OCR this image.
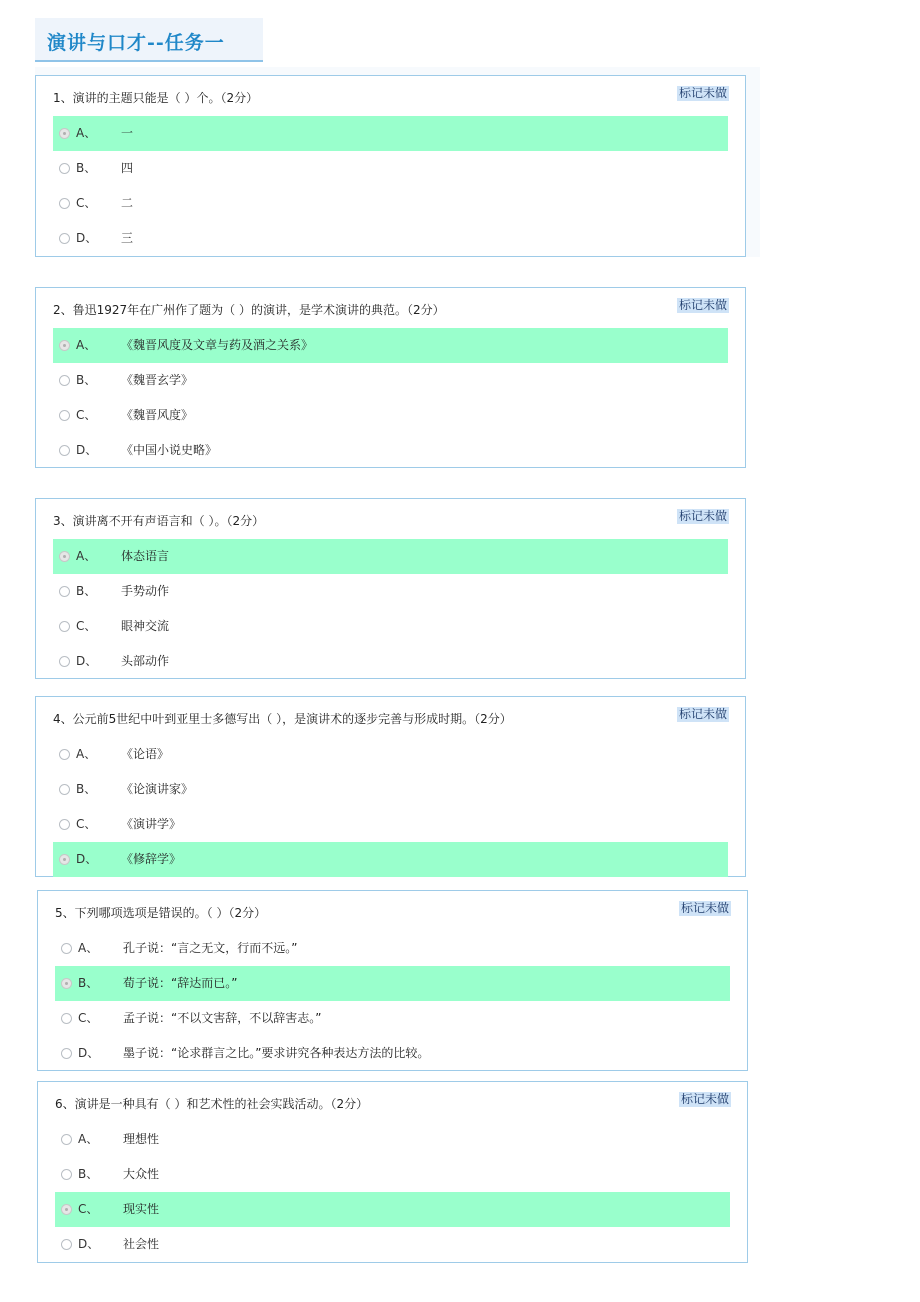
演讲与口才--任务一
1、演讲的主题只能是（ ）个。（2分）	标记未做
A、 一
B、 四
C、 二
D、 三
2、鲁迅1927年在广州作了题为（ ）的演讲，是学术演讲的典范。（2分）	标记未做
A、 《魏晋风度及文章与药及酒之关系》
B、 《魏晋玄学》
C、 《魏晋风度》
D、 《中国小说史略》
3、演讲离不开有声语言和（ ）。（2分）	标记未做
A、 体态语言
B、 手势动作
C、 眼神交流
D、 头部动作
4、公元前5世纪中叶到亚里士多德写出（ ），是演讲术的逐步完善与形成时期。（2分）	标记未做
A、 《论语》
B、 《论演讲家》
C、 《演讲学》
D、 《修辞学》
5、下列哪项选项是错误的。（ ）（2分）	标记未做
A、 孔子说：“言之无文，行而不远。”
B、 荀子说：“辞达而已。”
C、 孟子说：“不以文害辞，不以辞害志。”
D、 墨子说：“论求群言之比。”要求讲究各种表达方法的比较。
6、演讲是一种具有（ ）和艺术性的社会实践活动。（2分）	标记未做
A、 理想性
B、 大众性
C、 现实性
D、 社会性
